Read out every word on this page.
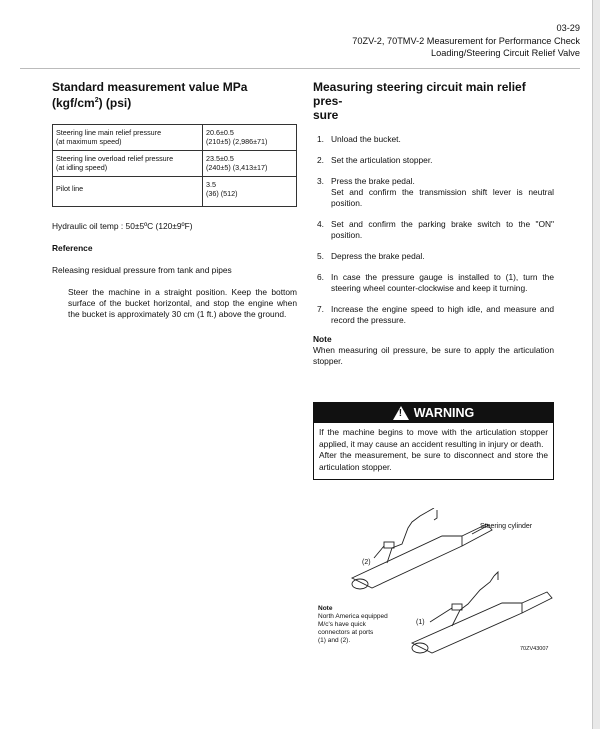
03-29
70ZV-2, 70TMV-2 Measurement for Performance Check
Loading/Steering Circuit Relief Valve
Standard measurement value MPa
$(kgf/cm^2)$ (psi)
Steering line main relief pressure
(at maximum speed)	20.6±0.5
(210±5) (2,986±71)
Steering line overload relief pressure
(at idling speed)	23.5±0.5
(240±5) (3,413±17)
Pilot line	3.5
(36) (512)
Hydraulic oil temp : 50±5ºC (120±9ºF)
Reference
Releasing residual pressure from tank and pipes
Steer the machine in a straight position. Keep the bottom surface of the bucket horizontal, and stop the engine when the bucket is approximately 30 cm (1 ft.) above the ground.
Measuring steering circuit main relief pres-
sure
1. Unload the bucket.
2. Set the articulation stopper.
3. Press the brake pedal.
Set and confirm the transmission shift lever is neutral position.
4. Set and confirm the parking brake switch to the "ON" position.
5. Depress the brake pedal.
6. In case the pressure gauge is installed to (1), turn the steering wheel counter-clockwise and keep it turning.
7. Increase the engine speed to high idle, and measure and record the pressure.
Note
When measuring oil pressure, be sure to apply the articulation stopper.
! WARNING
If the machine begins to move with the articulation stopper applied, it may cause an accident resulting in injury or death.
After the measurement, be sure to disconnect and store the articulation stopper.
Steering cylinder
(2)
(1)
Note
North America equipped
M/c's have quick
connectors at ports
(1) and (2).
70ZV43007
